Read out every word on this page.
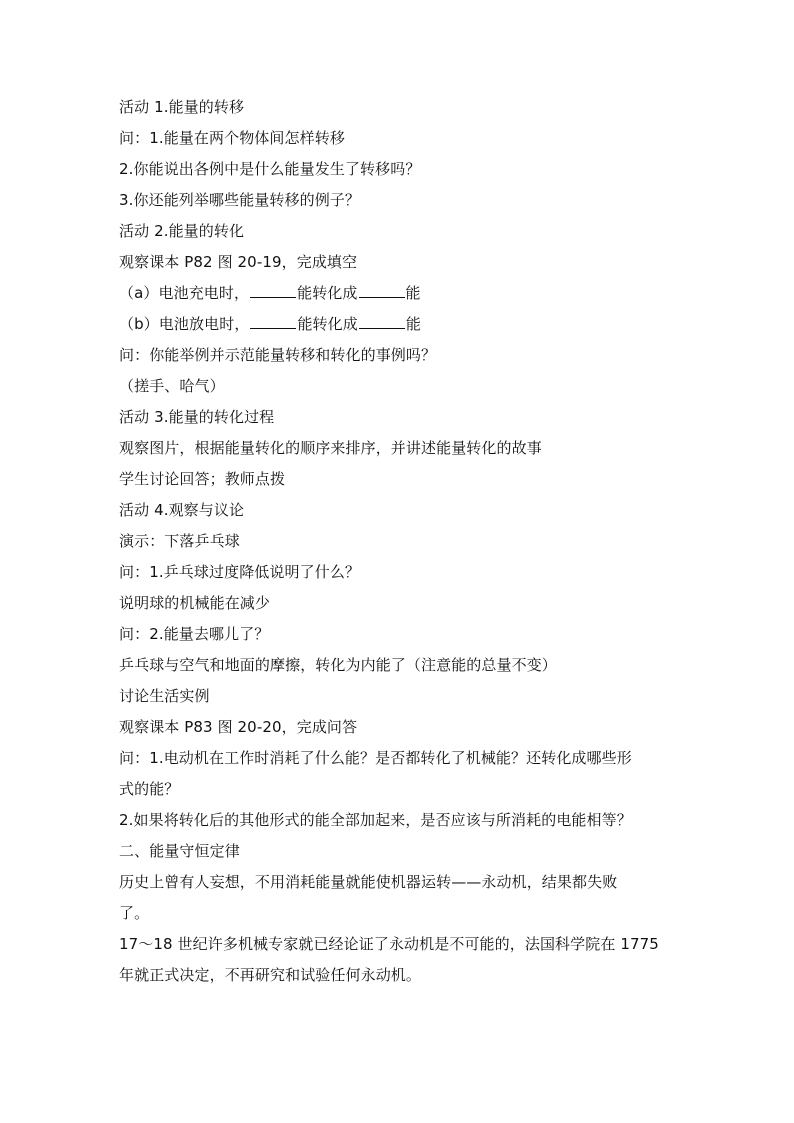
活动 1.能量的转移
问：1.能量在两个物体间怎样转移
2.你能说出各例中是什么能量发生了转移吗？
3.你还能列举哪些能量转移的例子？
活动 2.能量的转化
观察课本 P82 图 20-19，完成填空
（a）电池充电时，	能转化成	能
（b）电池放电时，	能转化成	能
问：你能举例并示范能量转移和转化的事例吗？
（搓手、哈气）
活动 3.能量的转化过程
观察图片，根据能量转化的顺序来排序，并讲述能量转化的故事
学生讨论回答；教师点拨
活动 4.观察与议论
演示：下落乒乓球
问：1.乒乓球过度降低说明了什么？
说明球的机械能在减少
问：2.能量去哪儿了？
乒乓球与空气和地面的摩擦，转化为内能了（注意能的总量不变）
讨论生活实例
观察课本 P83 图 20-20，完成问答
问：1.电动机在工作时消耗了什么能？是否都转化了机械能？还转化成哪些形
式的能？
2.如果将转化后的其他形式的能全部加起来，是否应该与所消耗的电能相等？
二、能量守恒定律
历史上曾有人妄想，不用消耗能量就能使机器运转——永动机，结果都失败
了。
17～18 世纪许多机械专家就已经论证了永动机是不可能的，法国科学院在 1775
年就正式决定，不再研究和试验任何永动机。
